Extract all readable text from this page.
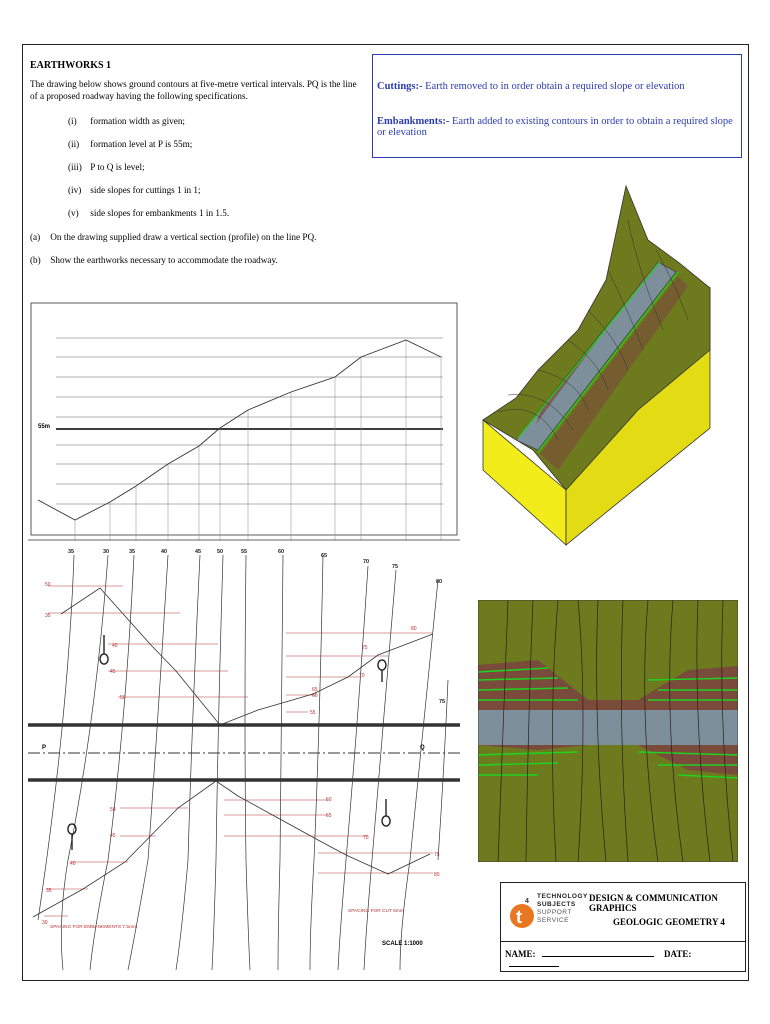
EARTHWORKS 1
The drawing below shows ground contours at five-metre vertical intervals. PQ is the line of a proposed roadway having the following specifications.
(i) formation width as given;
(ii) formation level at P is 55m;
(iii) P to Q is level;
(iv) side slopes for cuttings 1 in 1;
(v) side slopes for embankments 1 in 1.5.
(a) On the drawing supplied draw a vertical section (profile) on the line PQ.
(b) Show the earthworks necessary to accommodate the roadway.
Cuttings:- Earth removed to in order obtain a required slope or elevation
Embankments:- Earth added to existing contours in order to obtain a required slope or elevation
55m
P	Q
35	30	35	40	45	50	55	60
65
70
75
80
75
50
35
40
45
50
55
60
65
70
75
80
50
45
40
35
30
60
65
70
75
80
SPACING FOR EMBANKMENTS 7.5mm
SPACING FOR CUT 5mm
SCALE 1:1000
t
4
TECHNOLOGY
SUBJECTS
SUPPORT
SERVICE
DESIGN & COMMUNICATION GRAPHICS
GEOLOGIC GEOMETRY 4
NAME:	DATE:
